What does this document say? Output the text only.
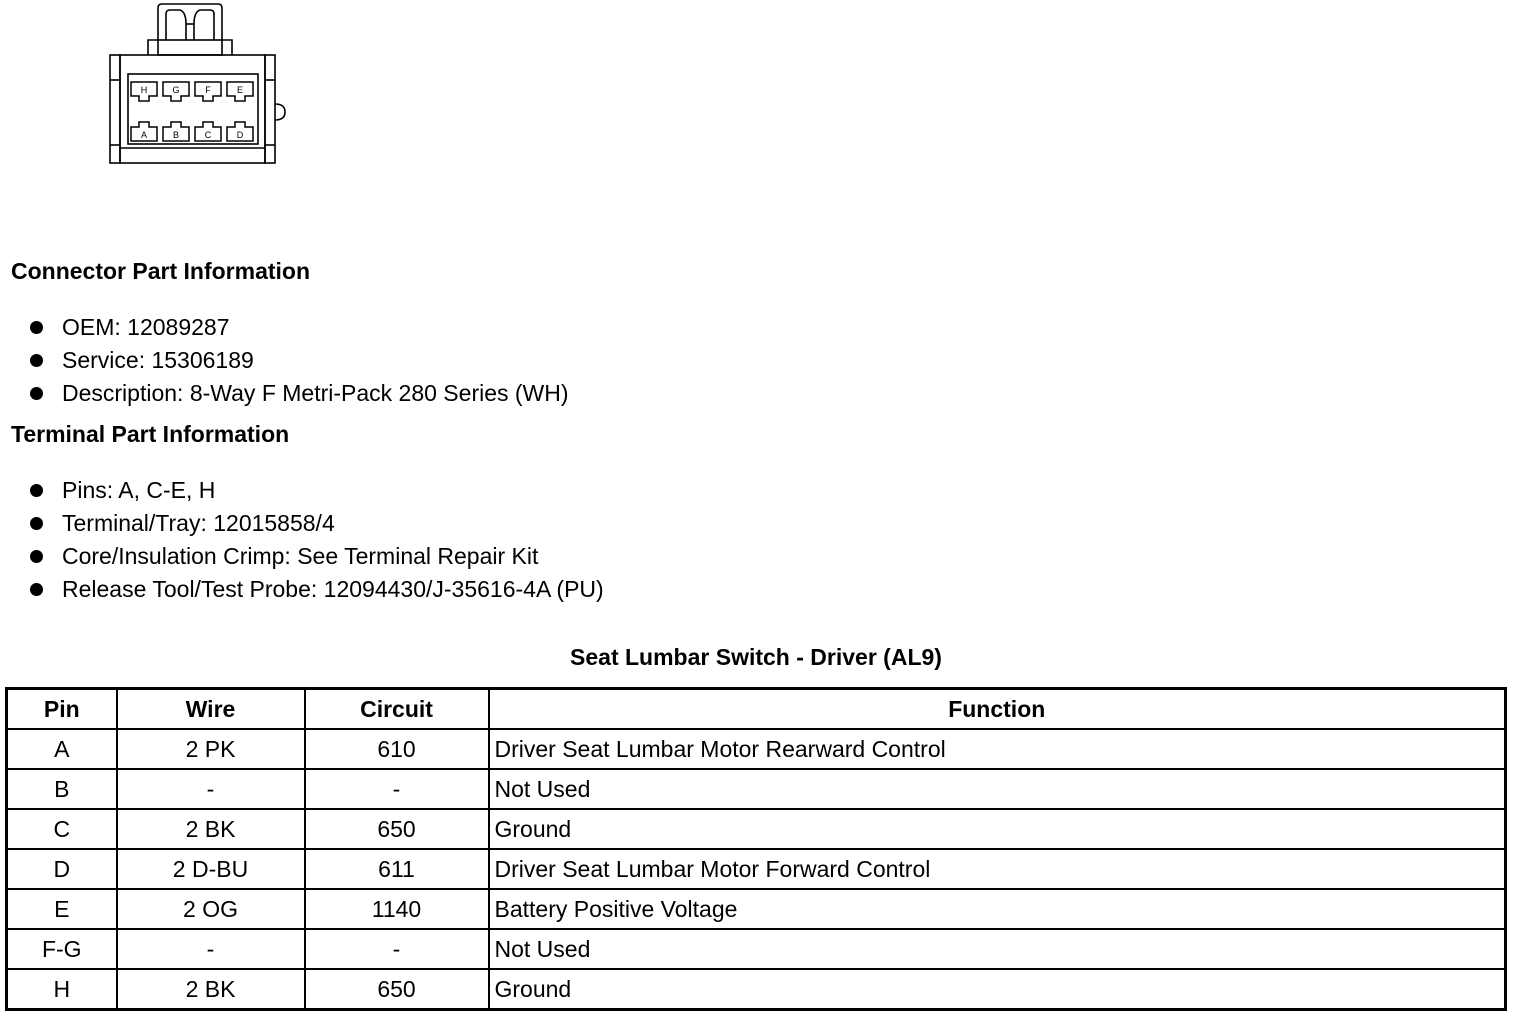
H	G	F	E
A	B	C	D
Connector Part Information
OEM: 12089287
Service: 15306189
Description: 8-Way F Metri-Pack 280 Series (WH)
Terminal Part Information
Pins: A, C-E, H
Terminal/Tray: 12015858/4
Core/Insulation Crimp: See Terminal Repair Kit
Release Tool/Test Probe: 12094430/J-35616-4A (PU)
Seat Lumbar Switch - Driver (AL9)
Pin	Wire	Circuit	Function
A	2 PK	610	Driver Seat Lumbar Motor Rearward Control
B	-	-	Not Used
C	2 BK	650	Ground
D	2 D-BU	611	Driver Seat Lumbar Motor Forward Control
E	2 OG	1140	Battery Positive Voltage
F-G	-	-	Not Used
H	2 BK	650	Ground
